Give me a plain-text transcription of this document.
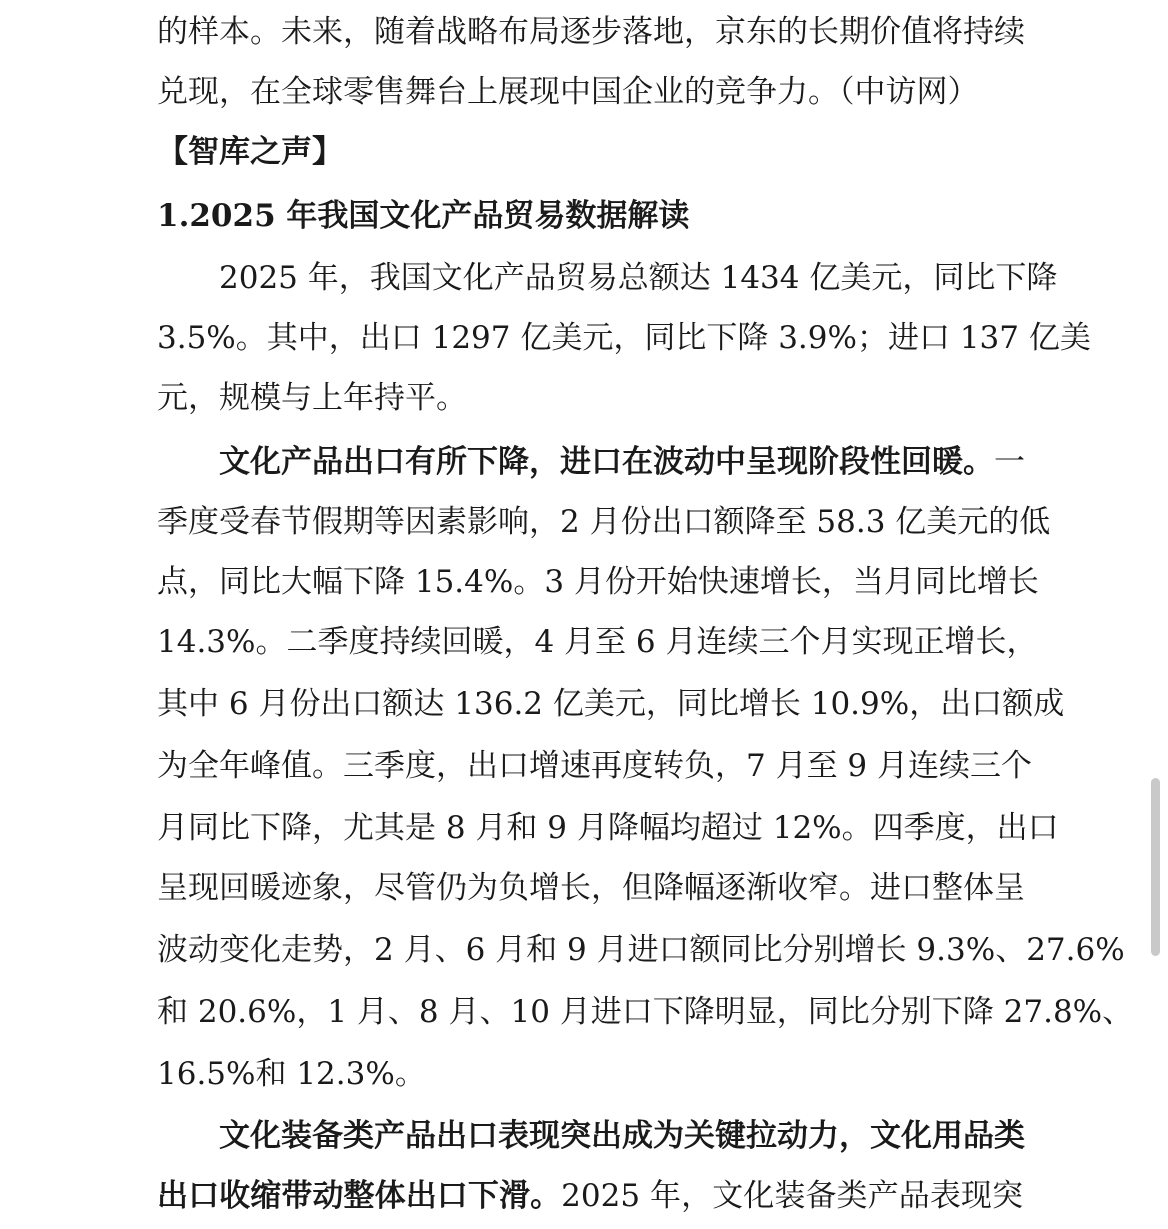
的样本。未来，随着战略布局逐步落地，京东的长期价值将持续
兑现，在全球零售舞台上展现中国企业的竞争力。（中访网）
【智库之声】
1.2025 年我国文化产品贸易数据解读
2025 年，我国文化产品贸易总额达 1434 亿美元，同比下降
3.5%。其中，出口 1297 亿美元，同比下降 3.9%；进口 137 亿美
元，规模与上年持平。
文化产品出口有所下降，进口在波动中呈现阶段性回暖。一
季度受春节假期等因素影响，2 月份出口额降至 58.3 亿美元的低
点，同比大幅下降 15.4%。3 月份开始快速增长，当月同比增长
14.3%。二季度持续回暖，4 月至 6 月连续三个月实现正增长，
其中 6 月份出口额达 136.2 亿美元，同比增长 10.9%，出口额成
为全年峰值。三季度，出口增速再度转负，7 月至 9 月连续三个
月同比下降，尤其是 8 月和 9 月降幅均超过 12%。四季度，出口
呈现回暖迹象，尽管仍为负增长，但降幅逐渐收窄。进口整体呈
波动变化走势，2 月、6 月和 9 月进口额同比分别增长 9.3%、27.6%
和 20.6%，1 月、8 月、10 月进口下降明显，同比分别下降 27.8%、
16.5%和 12.3%。
文化装备类产品出口表现突出成为关键拉动力，文化用品类
出口收缩带动整体出口下滑。2025 年，文化装备类产品表现突
